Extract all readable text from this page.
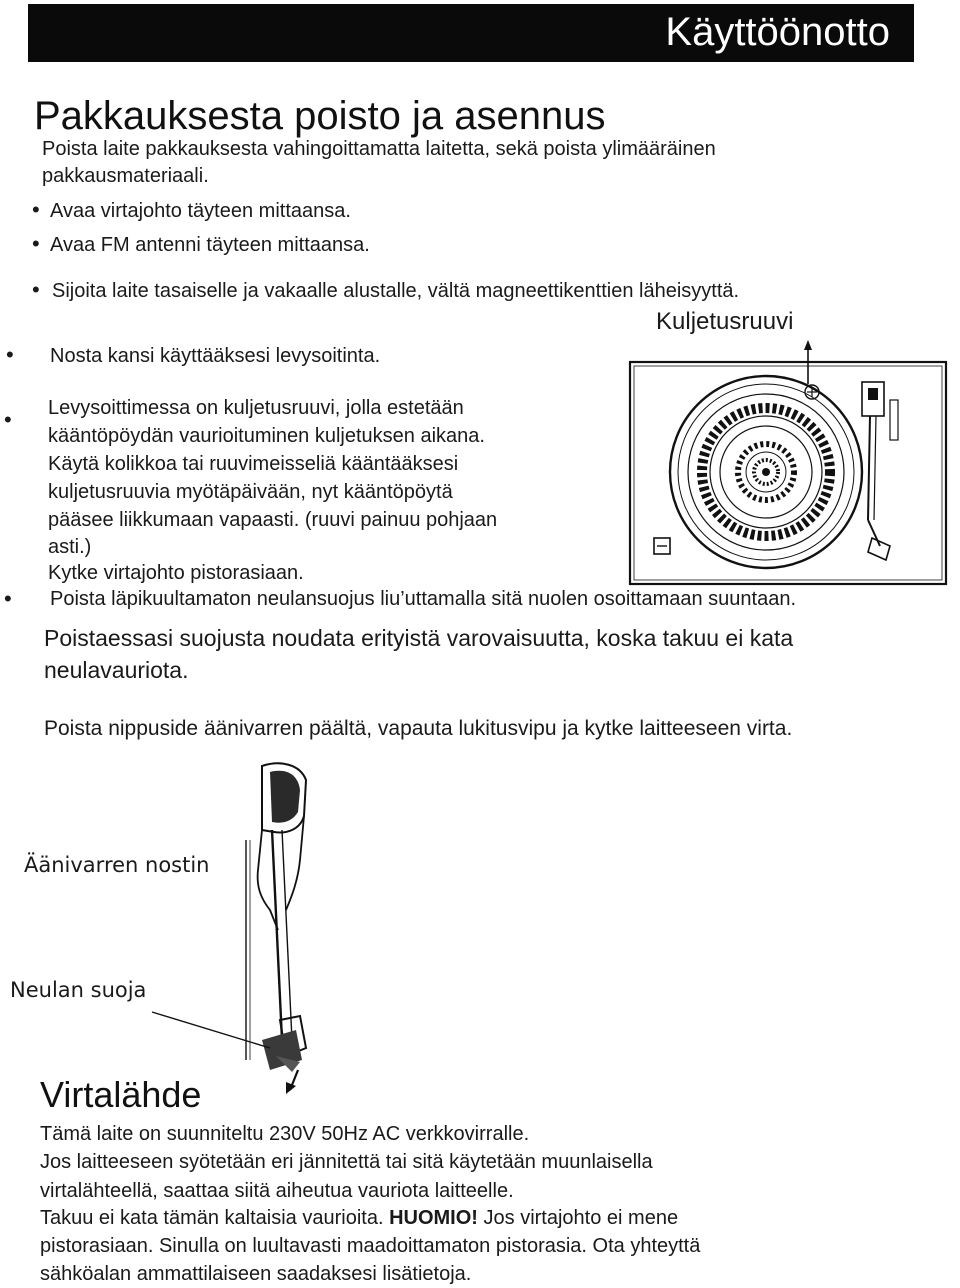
Käyttöönotto
Pakkauksesta poisto ja asennus
Poista laite pakkauksesta vahingoittamatta laitetta, sekä poista ylimääräinen
pakkausmateriaali.
• Avaa virtajohto täyteen mittaansa.
• Avaa FM antenni täyteen mittaansa.
• Sijoita laite tasaiselle ja vakaalle alustalle, vältä magneettikenttien läheisyyttä.
Kuljetusruuvi
• Nosta kansi käyttääksesi levysoitinta.
• Levysoittimessa on kuljetusruuvi, jolla estetään
kääntöpöydän vaurioituminen kuljetuksen aikana.
Käytä kolikkoa tai ruuvimeisseliä kääntääksesi
kuljetusruuvia myötäpäivään, nyt kääntöpöytä
pääsee liikkumaan vapaasti. (ruuvi painuu pohjaan
asti.)
Kytke virtajohto pistorasiaan.
• Poista läpikuultamaton neulansuojus liu’uttamalla sitä nuolen osoittamaan suuntaan.
Poistaessasi suojusta noudata erityistä varovaisuutta, koska takuu ei kata
neulavauriota.
Poista nippuside äänivarren päältä, vapauta lukitusvipu ja kytke laitteeseen virta.
Äänivarren nostin
Neulan suoja
Virtalähde
Tämä laite on suunniteltu 230V 50Hz AC verkkovirralle.
Jos laitteeseen syötetään eri jännitettä tai sitä käytetään muunlaisella
virtalähteellä, saattaa siitä aiheutua vauriota laitteelle.
Takuu ei kata tämän kaltaisia vaurioita. HUOMIO! Jos virtajohto ei mene
pistorasiaan. Sinulla on luultavasti maadoittamaton pistorasia. Ota yhteyttä
sähköalan ammattilaiseen saadaksesi lisätietoja.
